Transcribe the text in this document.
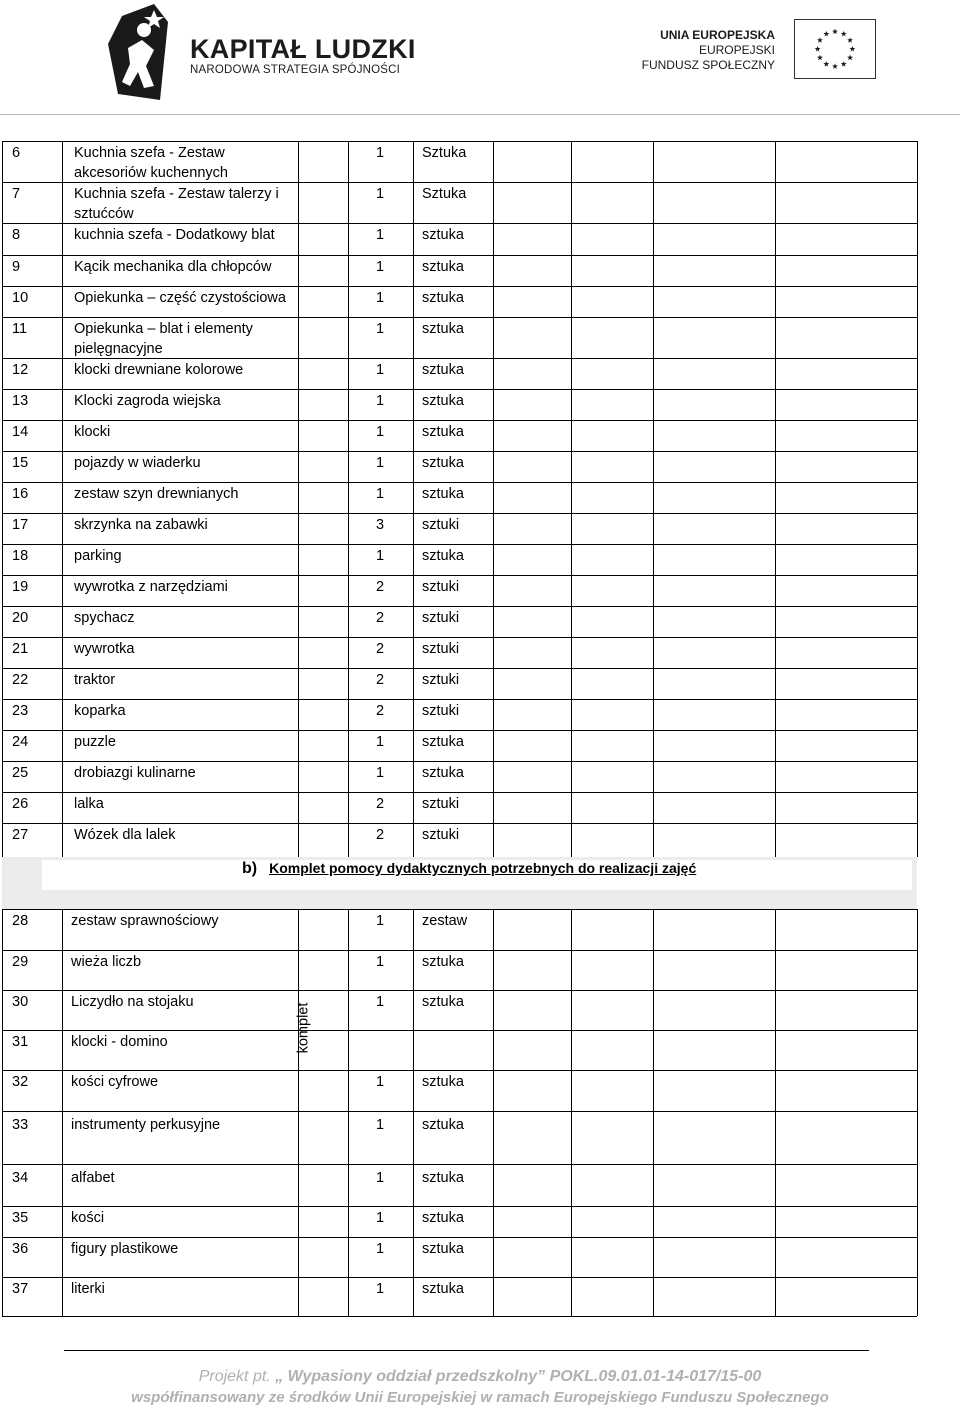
KAPITAŁ LUDZKI
NARODOWA STRATEGIA SPÓJNOŚCI
UNIA EUROPEJSKA
EUROPEJSKI
FUNDUSZ SPOŁECZNY
6	Kuchnia szefa - Zestaw
akcesoriów kuchennych
1	Sztuka
7	Kuchnia szefa - Zestaw talerzy i
sztućców
1	Sztuka
8	kuchnia szefa - Dodatkowy blat	1	sztuka
9	Kącik mechanika dla chłopców	1	sztuka
10	Opiekunka – część czystościowa	1	sztuka
11	Opiekunka – blat i elementy
pielęgnacyjne
1	sztuka
12	klocki drewniane kolorowe	1	sztuka
13	Klocki zagroda wiejska	1	sztuka
14	klocki	1	sztuka
15	pojazdy w wiaderku	1	sztuka
16	zestaw szyn drewnianych	1	sztuka
17	skrzynka na zabawki	3	sztuki
18	parking	1	sztuka
19	wywrotka z narzędziami	2	sztuki
20	spychacz	2	sztuki
21	wywrotka	2	sztuki
22	traktor	2	sztuki
23	koparka	2	sztuki
24	puzzle	1	sztuka
25	drobiazgi kulinarne	1	sztuka
26	lalka	2	sztuki
27	Wózek dla lalek	2	sztuki
28	zestaw sprawnościowy	1	zestaw
29	wieża liczb	1	sztuka
30	Liczydło na stojaku	1	sztuka
31	klocki - domino
32	kości cyfrowe	1	sztuka
33	instrumenty perkusyjne	1	sztuka
34	alfabet	1	sztuka
35	kości	1	sztuka
36	figury plastikowe	1	sztuka
37	literki	1	sztuka
b) Komplet pomocy dydaktycznych potrzebnych do realizacji zajęć
komplet
Projekt pt. „ Wypasiony oddział przedszkolny” POKL.09.01.01-14-017/15-00
współfinansowany ze środków Unii Europejskiej w ramach Europejskiego Funduszu Społecznego
